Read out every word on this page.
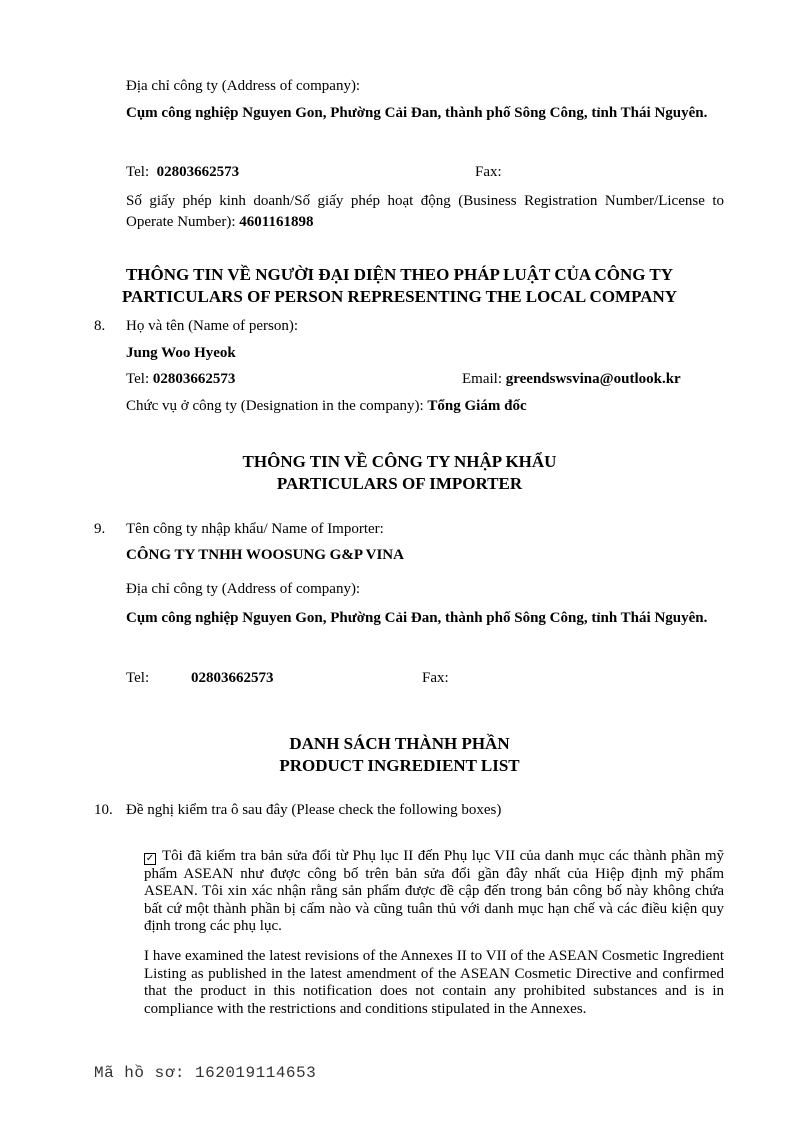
Địa chỉ công ty (Address of company):
Cụm công nghiệp Nguyen Gon, Phường Cải Đan, thành phố Sông Công, tỉnh Thái Nguyên.
Tel: 02803662573	Fax:
Số giấy phép kinh doanh/Số giấy phép hoạt động (Business Registration Number/License to Operate Number): 4601161898
THÔNG TIN VỀ NGƯỜI ĐẠI DIỆN THEO PHÁP LUẬT CỦA CÔNG TY
PARTICULARS OF PERSON REPRESENTING THE LOCAL COMPANY
8. Họ và tên (Name of person):
Jung Woo Hyeok
Tel: 02803662573	Email: greendswsvina@outlook.kr
Chức vụ ở công ty (Designation in the company): Tổng Giám đốc
THÔNG TIN VỀ CÔNG TY NHẬP KHẨU
PARTICULARS OF IMPORTER
9. Tên công ty nhập khẩu/ Name of Importer:
CÔNG TY TNHH WOOSUNG G&P VINA
Địa chỉ công ty (Address of company):
Cụm công nghiệp Nguyen Gon, Phường Cải Đan, thành phố Sông Công, tỉnh Thái Nguyên.
Tel:	02803662573	Fax:
DANH SÁCH THÀNH PHẦN
PRODUCT INGREDIENT LIST
10. Đề nghị kiểm tra ô sau đây (Please check the following boxes)
✓ Tôi đã kiểm tra bản sửa đổi từ Phụ lục II đến Phụ lục VII của danh mục các thành phần mỹ phẩm ASEAN như được công bố trên bản sửa đổi gần đây nhất của Hiệp định mỹ phẩm ASEAN. Tôi xin xác nhận rằng sản phẩm được đề cập đến trong bản công bố này không chứa bất cứ một thành phần bị cấm nào và cũng tuân thủ với danh mục hạn chế và các điều kiện quy định trong các phụ lục.
I have examined the latest revisions of the Annexes II to VII of the ASEAN Cosmetic Ingredient Listing as published in the latest amendment of the ASEAN Cosmetic Directive and confirmed that the product in this notification does not contain any prohibited substances and is in compliance with the restrictions and conditions stipulated in the Annexes.
Mã hồ sơ: 162019114653
